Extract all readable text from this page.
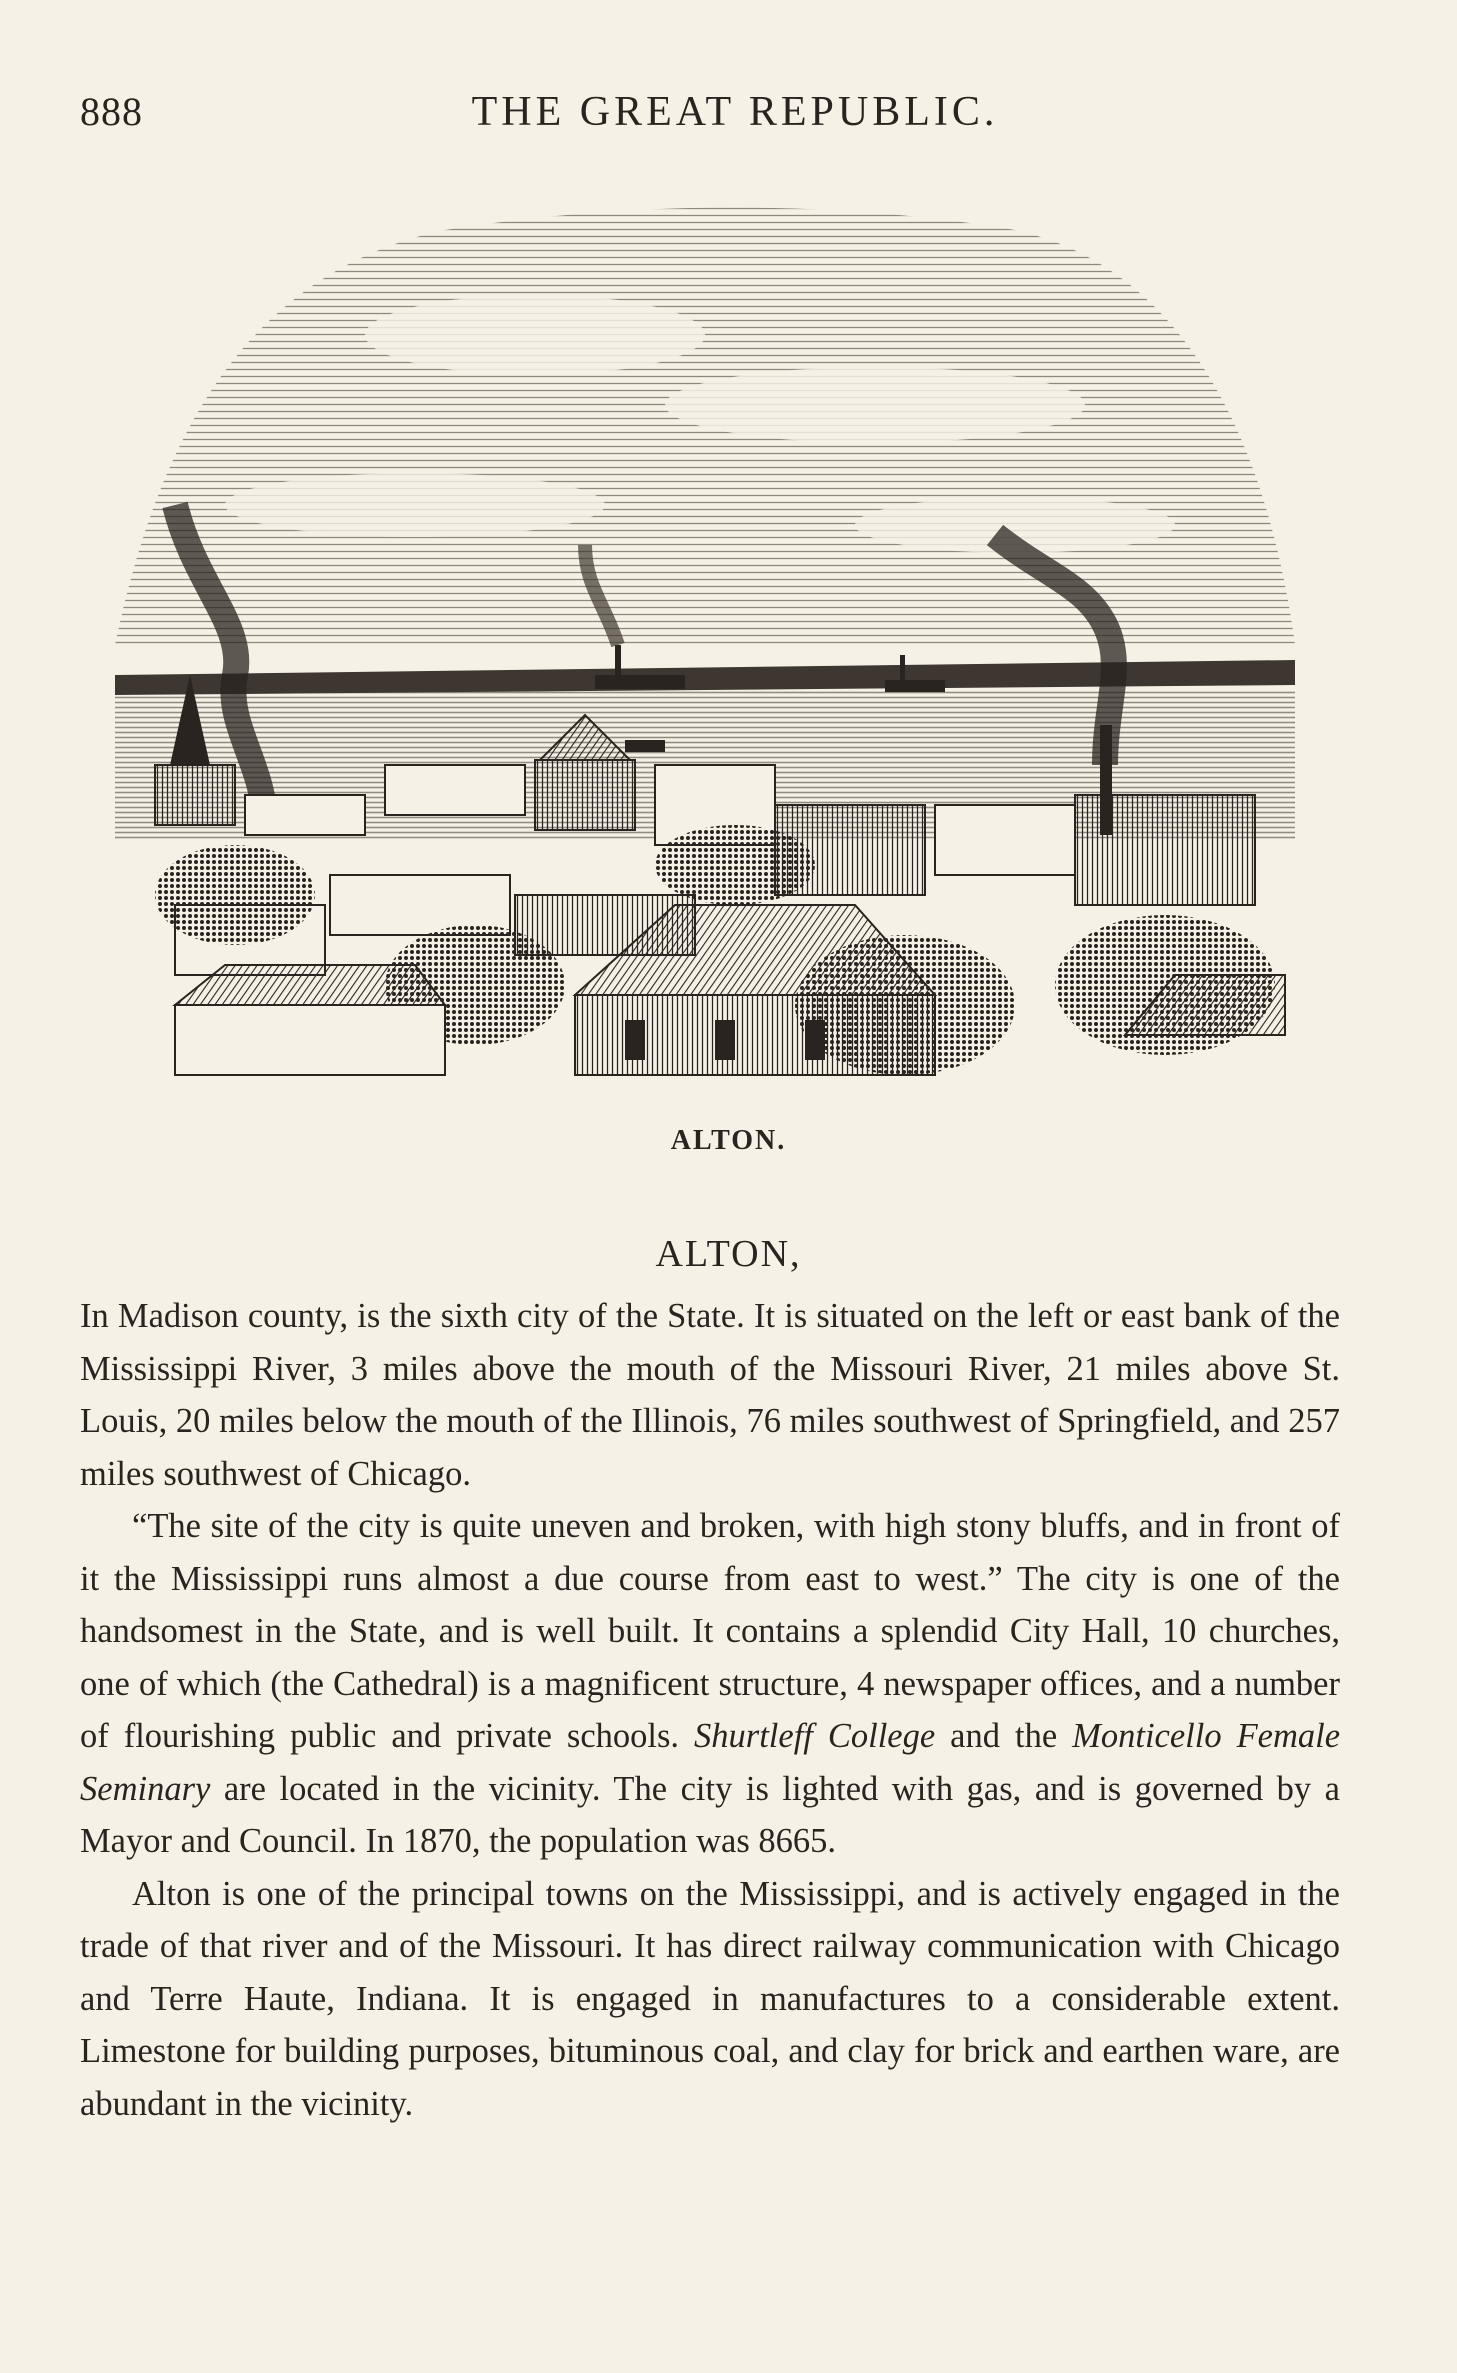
888	THE GREAT REPUBLIC.
ALTON.
ALTON,

In Madison county, is the sixth city of the State. It is situated on the left or east bank of the Mississippi River, 3 miles above the mouth of the Missouri River, 21 miles above St. Louis, 20 miles below the mouth of the Illinois, 76 miles southwest of Springfield, and 257 miles southwest of Chicago.

“The site of the city is quite uneven and broken, with high stony bluffs, and in front of it the Mississippi runs almost a due course from east to west.” The city is one of the handsomest in the State, and is well built. It contains a splendid City Hall, 10 churches, one of which (the Cathedral) is a magnificent structure, 4 newspaper offices, and a number of flourishing public and private schools. Shurtleff College and the Monticello Female Seminary are located in the vicinity. The city is lighted with gas, and is governed by a Mayor and Council. In 1870, the population was 8665.

Alton is one of the principal towns on the Mississippi, and is actively engaged in the trade of that river and of the Missouri. It has direct railway communication with Chicago and Terre Haute, Indiana. It is engaged in manufactures to a considerable extent. Limestone for building purposes, bituminous coal, and clay for brick and earthen ware, are abundant in the vicinity.
